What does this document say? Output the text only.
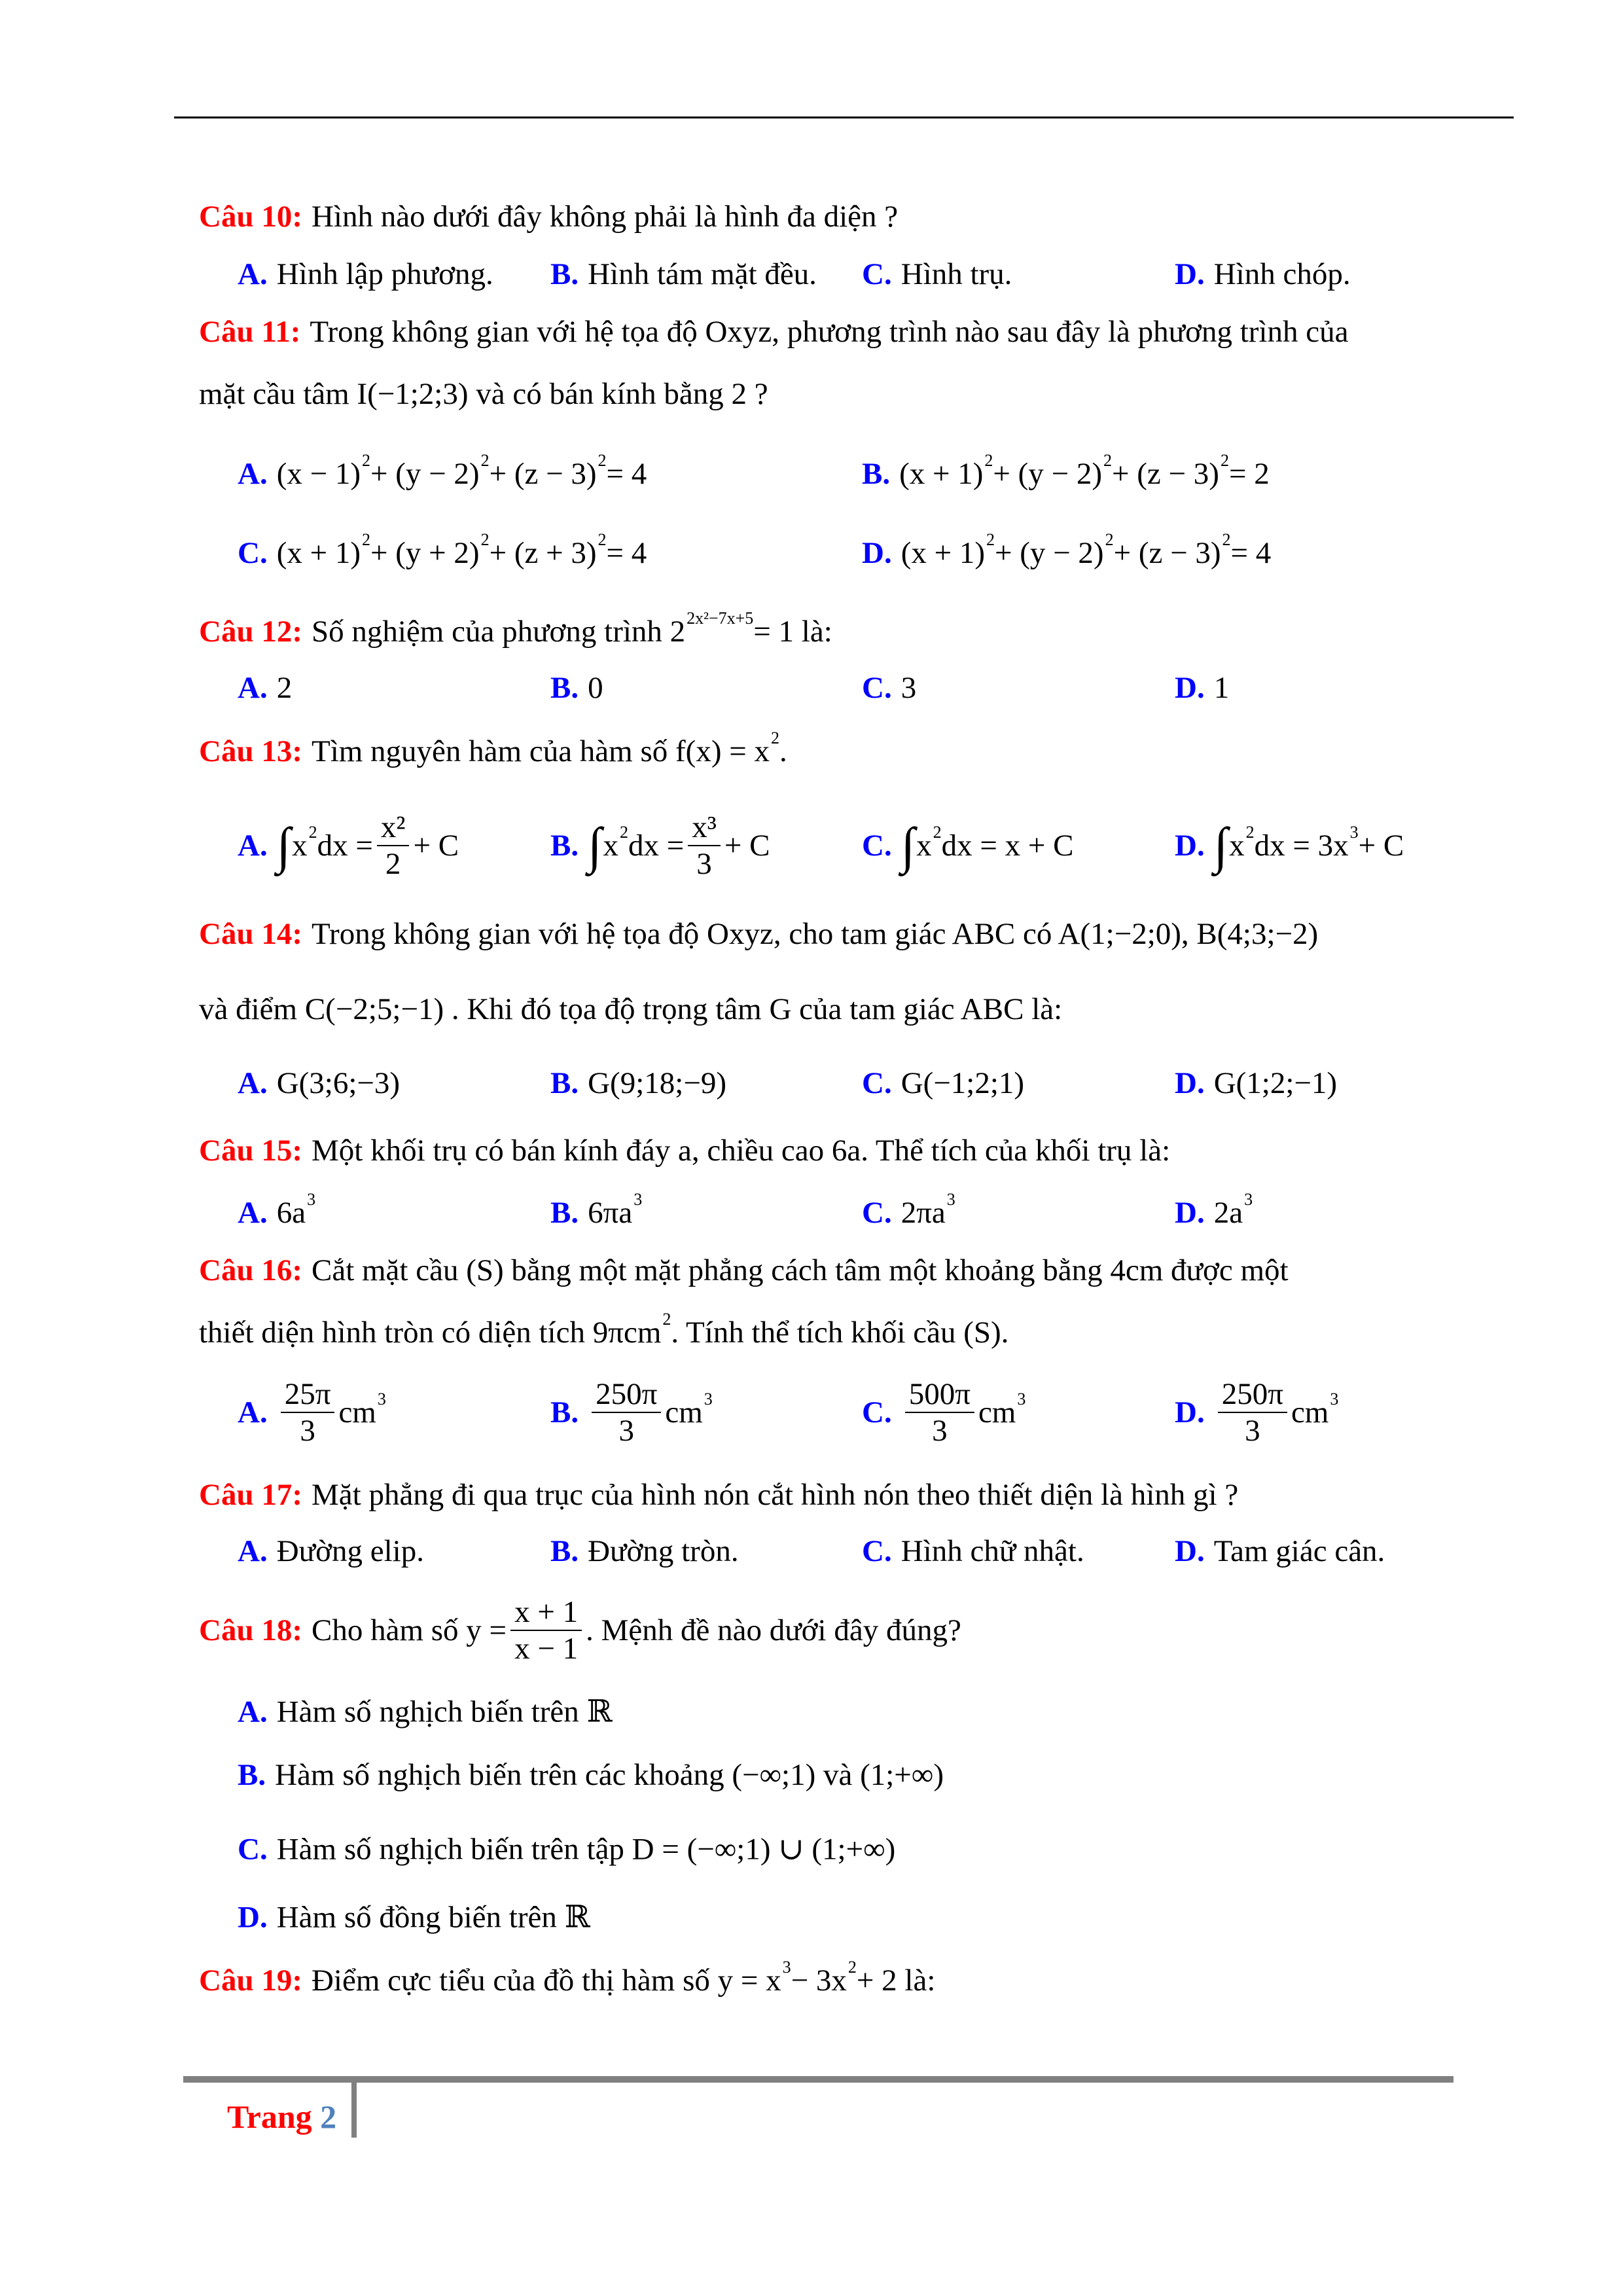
Câu 10: Hình nào dưới đây không phải là hình đa diện ?
A. Hình lập phương. B. Hình tám mặt đều. C. Hình trụ.	D. Hình chóp.
Câu 11: Trong không gian với hệ tọa độ Oxyz, phương trình nào sau đây là phương trình của
mặt cầu tâm I(−1;2;3) và có bán kính bằng 2 ?
A. (x − 1) 2 + (y − 2) 2 + (z − 3) 2 = 4	B. (x + 1) 2 + (y − 2) 2 + (z − 3) 2 = 2
C. (x + 1) 2 + (y + 2) 2 + (z + 3) 2 = 4	D. (x + 1) 2 + (y − 2) 2 + (z − 3) 2 = 4
Câu 12: Số nghiệm của phương trình 2 2x²−7x+5 = 1 là:
A. 2	B. 0	C. 3	D. 1
Câu 13: Tìm nguyên hàm của hàm số f(x) = x 2 .
A. ∫ x 2 dx = $\frac{\text{x²}}{2} + C$	B. ∫ x 2 dx = $\frac{\text{x³}}{3} + C$	C. ∫ x 2 dx = x + C	D. ∫ x 2 dx = 3x 3 + C
Câu 14: Trong không gian với hệ tọa độ Oxyz, cho tam giác ABC có A(1;−2;0), B(4;3;−2)
và điểm C(−2;5;−1) . Khi đó tọa độ trọng tâm G của tam giác ABC là:
A. G(3;6;−3)	B. G(9;18;−9)	C. G(−1;2;1)	D. G(1;2;−1)
Câu 15: Một khối trụ có bán kính đáy a, chiều cao 6a. Thể tích của khối trụ là:
A. 6a 3	B. 6πa 3	C. 2πa 3	D. 2a 3
Câu 16: Cắt mặt cầu (S) bằng một mặt phẳng cách tâm một khoảng bằng 4cm được một
thiết diện hình tròn có diện tích 9πcm 2 . Tính thể tích khối cầu (S).
A. $\frac{25\pi}{3}$ cm 3	B. $\frac{250\pi}{3}$ cm 3	C. $\frac{500\pi}{3}$ cm 3	D. $\frac{250\pi}{3}$ cm 3
Câu 17: Mặt phẳng đi qua trục của hình nón cắt hình nón theo thiết diện là hình gì ?
A. Đường elip.	B. Đường tròn.	C. Hình chữ nhật.	D. Tam giác cân.
Câu 18: Cho hàm số $y = \frac{x + 1}{x - 1}$ . Mệnh đề nào dưới đây đúng?
A. Hàm số nghịch biến trên ℝ
B. Hàm số nghịch biến trên các khoảng (−∞;1) và (1;+∞)
C. Hàm số nghịch biến trên tập D = (−∞;1) ∪ (1;+∞)
D. Hàm số đồng biến trên ℝ
Câu 19: Điểm cực tiểu của đồ thị hàm số y = x 3 − 3x 2 + 2 là:
Trang 2
